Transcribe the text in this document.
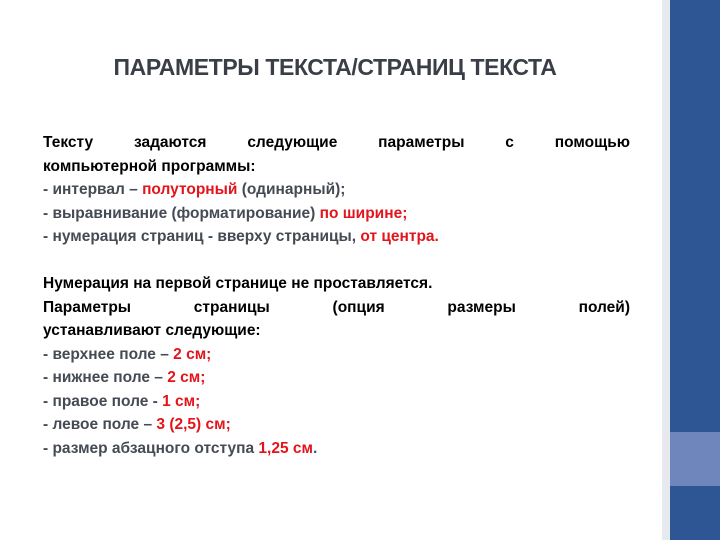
ПАРАМЕТРЫ ТЕКСТА/СТРАНИЦ ТЕКСТА
Тексту задаются следующие параметры с помощью
компьютерной программы:
- интервал – полуторный (одинарный);
- выравнивание (форматирование) по ширине;
- нумерация страниц - вверху страницы, от центра.
Нумерация на первой странице не проставляется.
Параметры страницы (опция размеры полей)
устанавливают следующие:
- верхнее поле – 2 см;
- нижнее поле – 2 см;
- правое поле - 1 см;
- левое поле – 3 (2,5) см;
- размер абзацного отступа 1,25 см.
